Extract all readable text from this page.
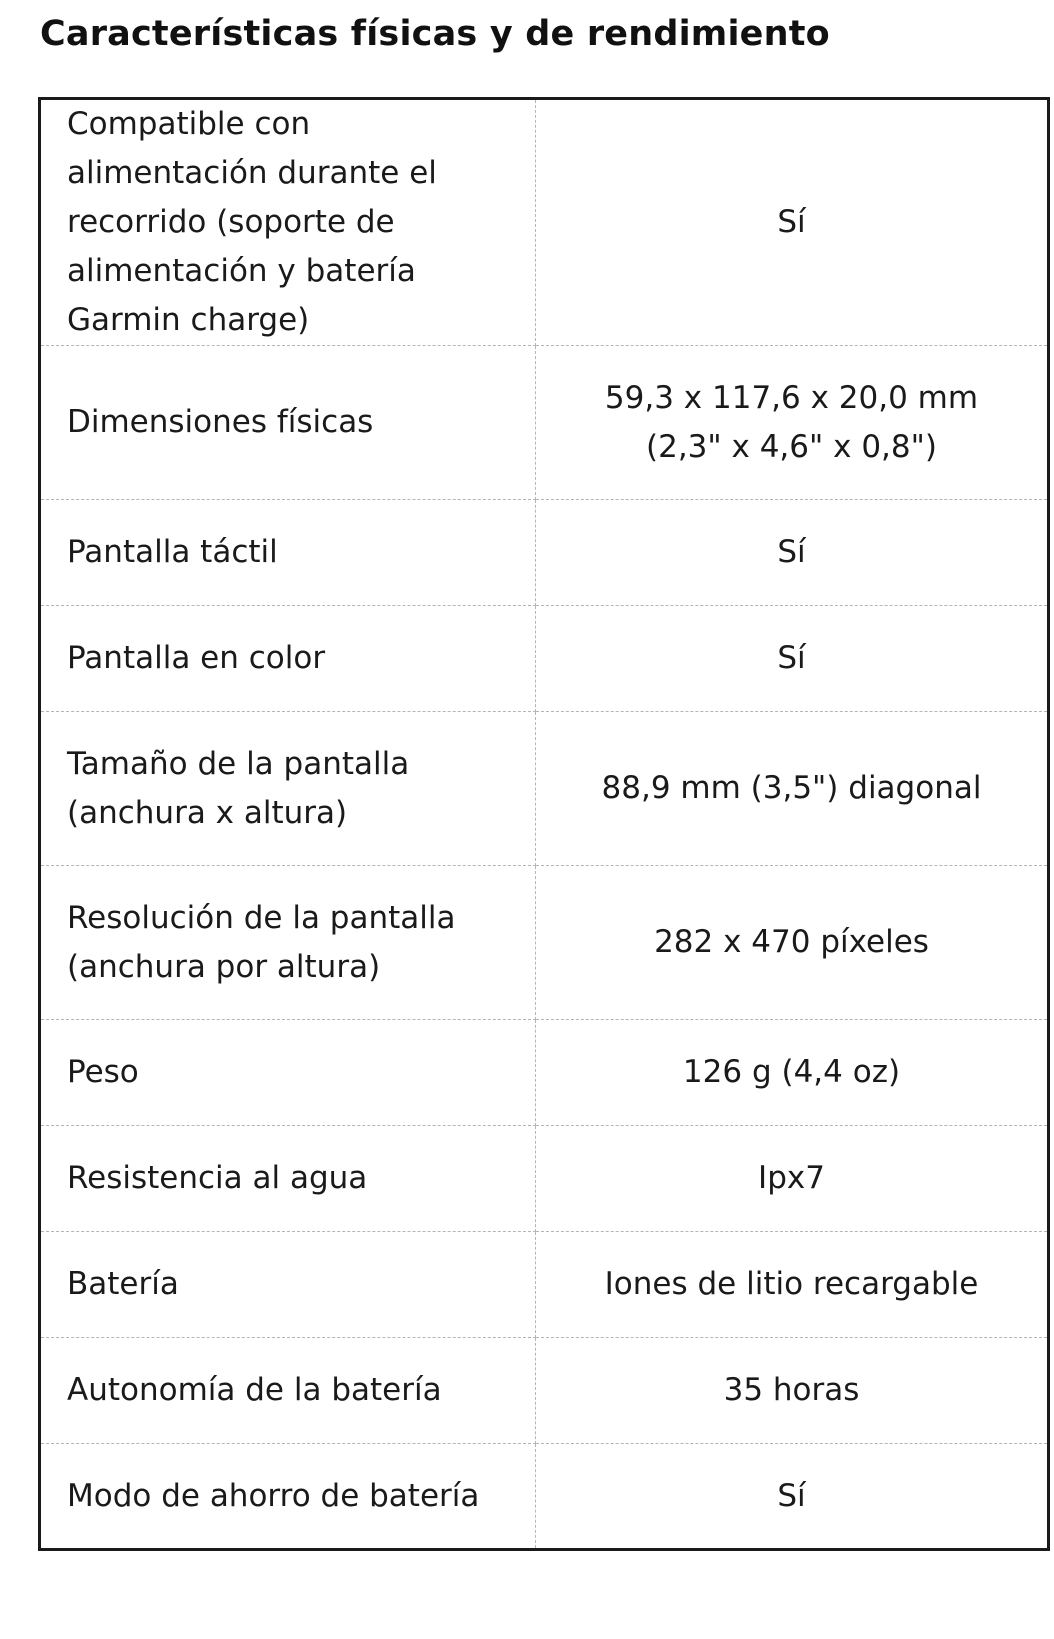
Características físicas y de rendimiento
Compatible con alimentación durante el recorrido (soporte de alimentación y batería Garmin charge)	Sí
Dimensiones físicas	59,3 x 117,6 x 20,0 mm (2,3" x 4,6" x 0,8")
Pantalla táctil	Sí
Pantalla en color	Sí
Tamaño de la pantalla (anchura x altura)	88,9 mm (3,5") diagonal
Resolución de la pantalla (anchura por altura)	282 x 470 píxeles
Peso	126 g (4,4 oz)
Resistencia al agua	Ipx7
Batería	Iones de litio recargable
Autonomía de la batería	35 horas
Modo de ahorro de batería	Sí
